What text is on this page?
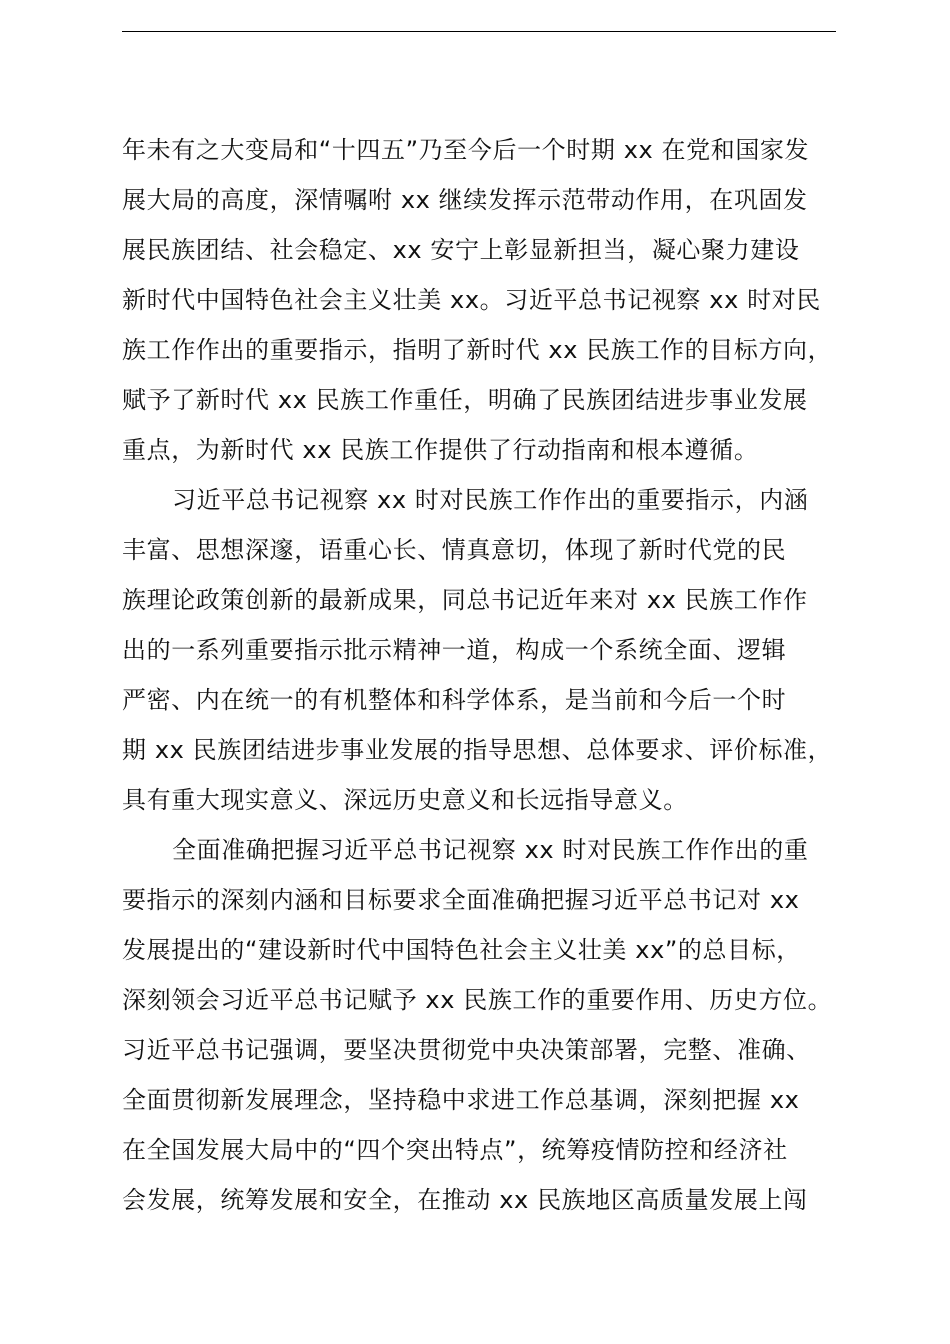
年未有之大变局和“十四五”乃至今后一个时期 xx 在党和国家发
展大局的高度，深情嘱咐 xx 继续发挥示范带动作用，在巩固发
展民族团结、社会稳定、xx 安宁上彰显新担当，凝心聚力建设
新时代中国特色社会主义壮美 xx。习近平总书记视察 xx 时对民
族工作作出的重要指示，指明了新时代 xx 民族工作的目标方向，
赋予了新时代 xx 民族工作重任，明确了民族团结进步事业发展
重点，为新时代 xx 民族工作提供了行动指南和根本遵循。
习近平总书记视察 xx 时对民族工作作出的重要指示，内涵
丰富、思想深邃，语重心长、情真意切，体现了新时代党的民
族理论政策创新的最新成果，同总书记近年来对 xx 民族工作作
出的一系列重要指示批示精神一道，构成一个系统全面、逻辑
严密、内在统一的有机整体和科学体系，是当前和今后一个时
期 xx 民族团结进步事业发展的指导思想、总体要求、评价标准，
具有重大现实意义、深远历史意义和长远指导意义。
全面准确把握习近平总书记视察 xx 时对民族工作作出的重
要指示的深刻内涵和目标要求全面准确把握习近平总书记对 xx
发展提出的“建设新时代中国特色社会主义壮美 xx”的总目标，
深刻领会习近平总书记赋予 xx 民族工作的重要作用、历史方位。
习近平总书记强调，要坚决贯彻党中央决策部署，完整、准确、
全面贯彻新发展理念，坚持稳中求进工作总基调，深刻把握 xx
在全国发展大局中的“四个突出特点”，统筹疫情防控和经济社
会发展，统筹发展和安全，在推动 xx 民族地区高质量发展上闯
